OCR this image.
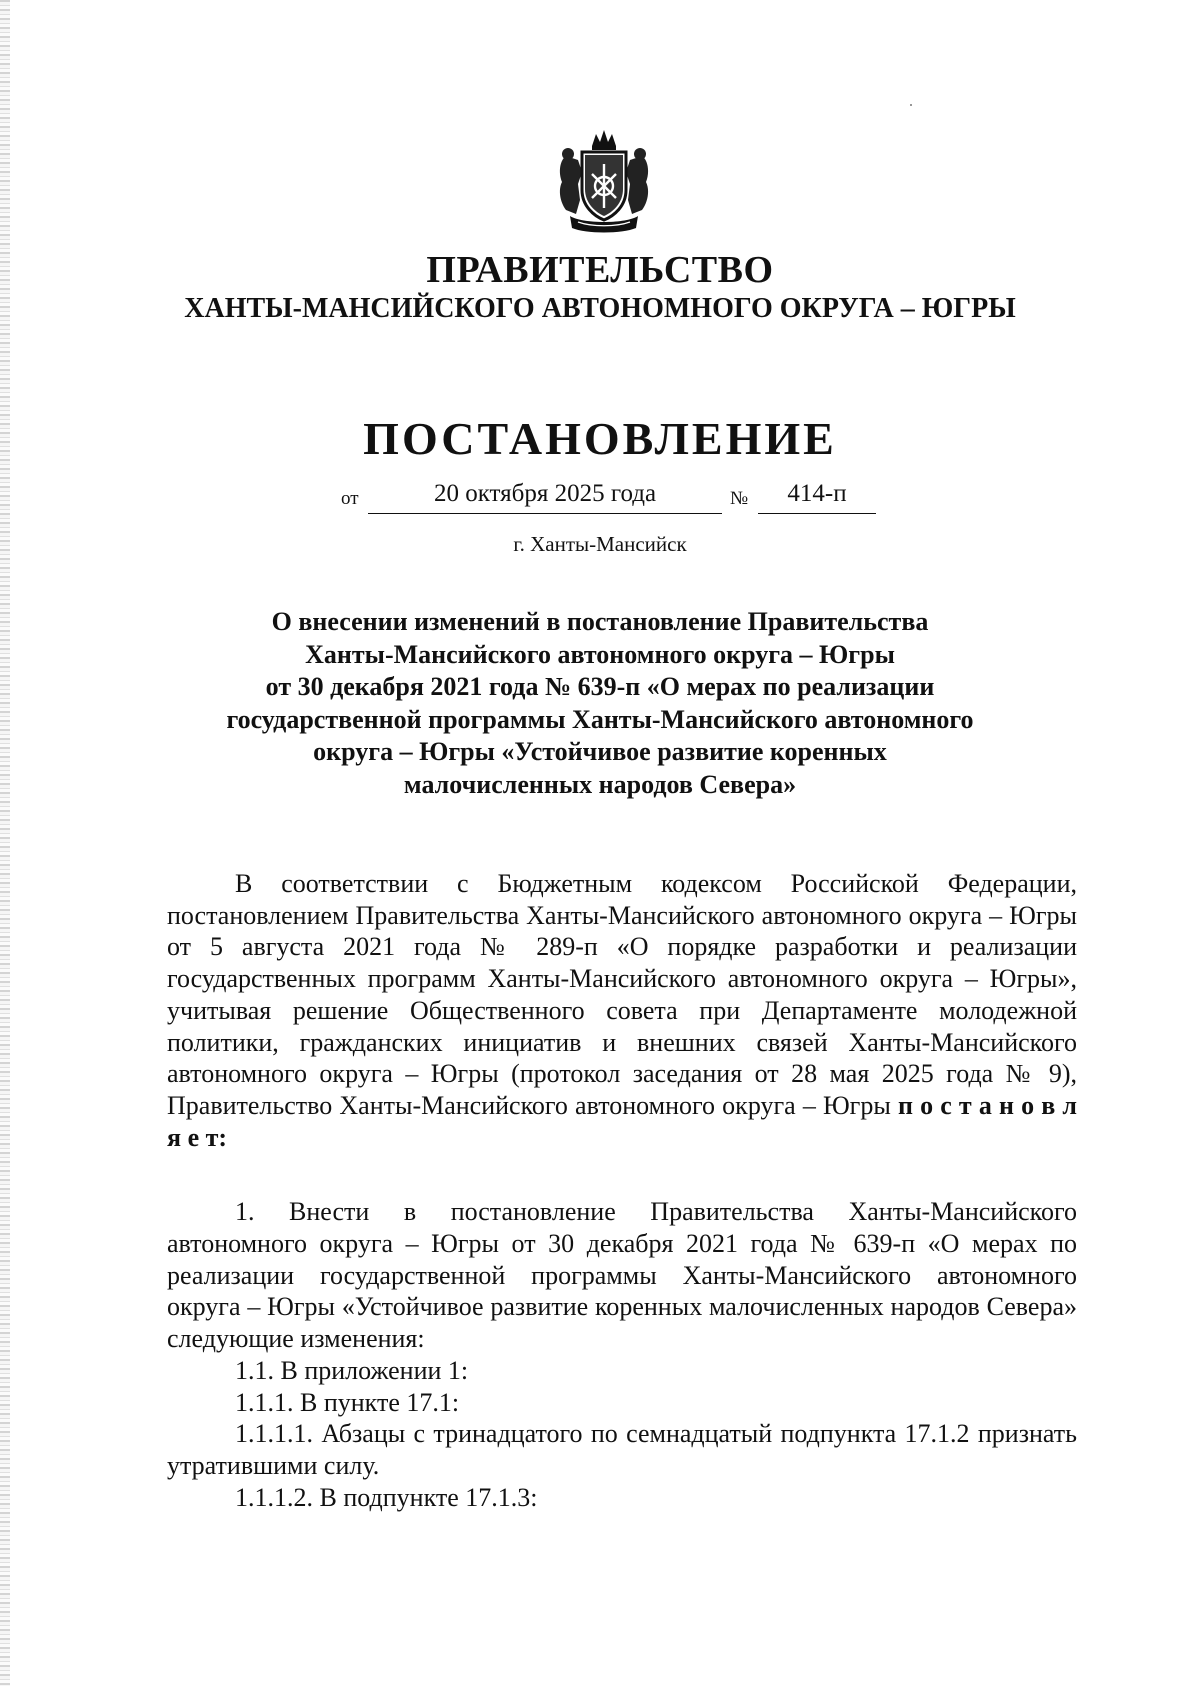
ПРАВИТЕЛЬСТВО
ХАНТЫ-МАНСИЙСКОГО АВТОНОМНОГО ОКРУГА – ЮГРЫ
ПОСТАНОВЛЕНИЕ
от	20 октября 2025 года	№	414-п
г. Ханты-Мансийск
О внесении изменений в постановление Правительства
Ханты-Мансийского автономного округа – Югры
от 30 декабря 2021 года № 639-п «О мерах по реализации
государственной программы Ханты-Мансийского автономного
округа – Югры «Устойчивое развитие коренных
малочисленных народов Севера»

В соответствии с Бюджетным кодексом Российской Федерации, постановлением Правительства Ханты-Мансийского автономного округа – Югры от 5 августа 2021 года № 289-п «О порядке разработки и реализации государственных программ Ханты-Мансийского автономного округа – Югры», учитывая решение Общественного совета при Департаменте молодежной политики, гражданских инициатив и внешних связей Ханты-Мансийского автономного округа – Югры (протокол заседания от 28 мая 2025 года № 9), Правительство Ханты-Мансийского автономного округа – Югры п о с т а н о в л я е т:

1. Внести в постановление Правительства Ханты-Мансийского автономного округа – Югры от 30 декабря 2021 года № 639-п «О мерах по реализации государственной программы Ханты-Мансийского автономного округа – Югры «Устойчивое развитие коренных малочисленных народов Севера» следующие изменения:

1.1. В приложении 1:

1.1.1. В пункте 17.1:

1.1.1.1. Абзацы с тринадцатого по семнадцатый подпункта 17.1.2 признать утратившими силу.

1.1.1.2. В подпункте 17.1.3:
